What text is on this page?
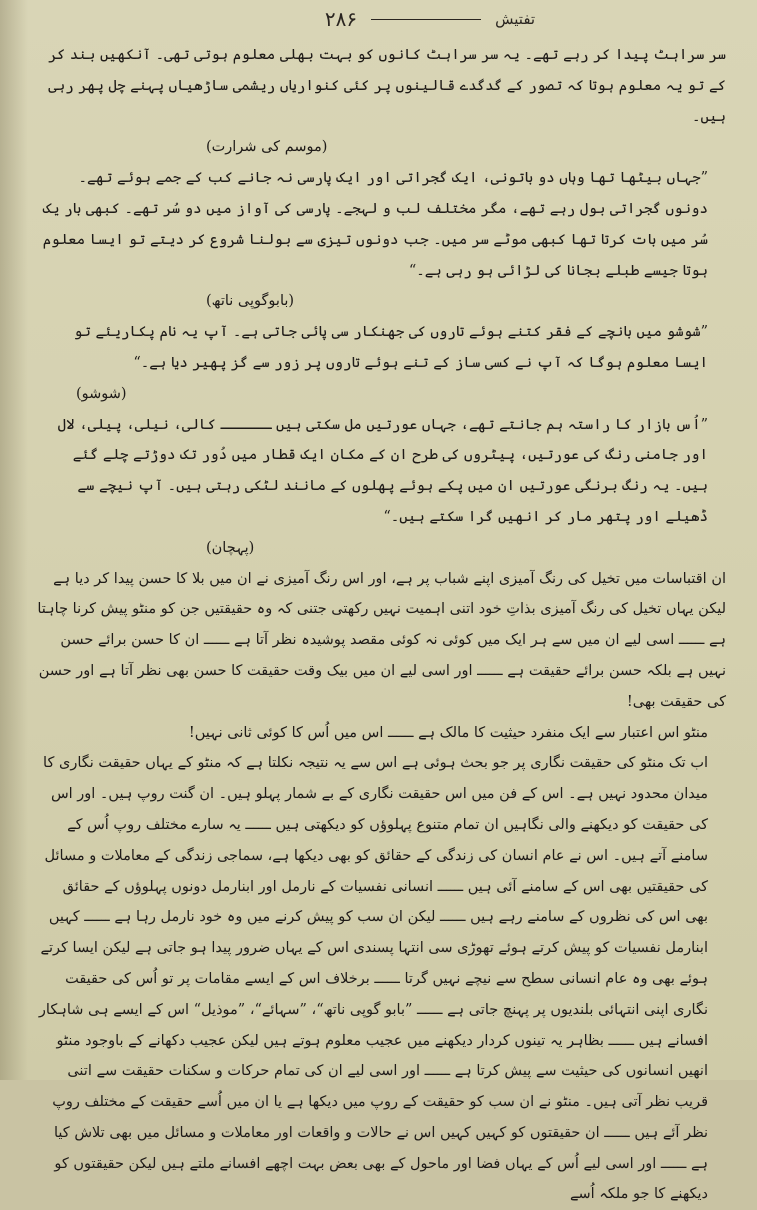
تفتیش
۲۸۶

سر سراہٹ پیدا کر رہے تھے۔ یہ سر سراہٹ کانوں کو بہت بھلی معلوم ہوتی تھی۔ آنکھیں بند کر کے تو یہ معلوم ہوتا کہ تصور کے گدگدے قالینوں پر کئی کنواریاں ریشمی ساڑھیاں پہنے چل پھر رہی ہیں۔

(موسم کی شرارت)

”جہاں بیٹھا تھا وہاں دو باتونی، ایک گجراتی اور ایک پارسی نہ جانے کب کے جمے ہوئے تھے۔ دونوں گجراتی بول رہے تھے، مگر مختلف لب و لہجے۔ پارسی کی آواز میں دو سُر تھے۔ کبھی بار یک سُر میں بات کرتا تھا کبھی موٹے سر میں۔ جب دونوں تیزی سے بولنا شروع کر دیتے تو ایسا معلوم ہوتا جیسے طبلے بجانا کی لڑائی ہو رہی ہے۔“

(بابوگوپی ناتھ)

”شوشو میں بانچے کے فقر کتنے ہوئے تاروں کی جھنکار سی پائی جاتی ہے۔ آپ یہ نام پکاریئے تو ایسا معلوم ہوگا کہ آپ نے کسی ساز کے تنے ہوئے تاروں پر زور سے گز پھیر دیا ہے۔“

(شوشو)

”اُس بازار کا راستہ ہم جانتے تھے، جہاں عورتیں مل سکتی ہیں ــــــ کالی، نیلی، پیلی، لال اور جامنی رنگ کی عورتیں، پیٹروں کی طرح ان کے مکان ایک قطار میں دُور تک دوڑتے چلے گئے ہیں۔ یہ رنگ برنگی عورتیں ان میں پکے ہوئے پھلوں کے مانند لٹکی رہتی ہیں۔ آپ نیچے سے ڈھیلے اور پتھر مار کر انھیں گرا سکتے ہیں۔“

(پہچان)

ان اقتباسات میں تخیل کی رنگ آمیزی اپنے شباب پر ہے، اور اس رنگ آمیزی نے ان میں بلا کا حسن پیدا کر دیا ہے لیکن یہاں تخیل کی رنگ آمیزی بذاتِ خود اتنی اہمیت نہیں رکھتی جتنی کہ وہ حقیقتیں جن کو منٹو پیش کرنا چاہتا ہے ــــــ اسی لیے ان میں سے ہر ایک میں کوئی نہ کوئی مقصد پوشیدہ نظر آتا ہے ــــــ ان کا حسن برائے حسن نہیں ہے بلکہ حسن برائے حقیقت ہے ــــــ اور اسی لیے ان میں بیک وقت حقیقت کا حسن بھی نظر آتا ہے اور حسن کی حقیقت بھی!

منٹو اس اعتبار سے ایک منفرد حیثیت کا مالک ہے ــــــ اس میں اُس کا کوئی ثانی نہیں!

اب تک منٹو کی حقیقت نگاری پر جو بحث ہوئی ہے اس سے یہ نتیجہ نکلتا ہے کہ منٹو کے یہاں حقیقت نگاری کا میدان محدود نہیں ہے۔ اس کے فن میں اس حقیقت نگاری کے بے شمار پہلو ہیں۔ ان گنت روپ ہیں۔ اور اس کی حقیقت کو دیکھنے والی نگاہیں ان تمام متنوع پہلوؤں کو دیکھتی ہیں ــــــ یہ سارے مختلف روپ اُس کے سامنے آتے ہیں۔ اس نے عام انسان کی زندگی کے حقائق کو بھی دیکھا ہے، سماجی زندگی کے معاملات و مسائل کی حقیقتیں بھی اس کے سامنے آئی ہیں ــــــ انسانی نفسیات کے نارمل اور ابنارمل دونوں پہلوؤں کے حقائق بھی اس کی نظروں کے سامنے رہے ہیں ــــــ لیکن ان سب کو پیش کرنے میں وہ خود نارمل رہا ہے ــــــ کہیں ابنارمل نفسیات کو پیش کرتے ہوئے تھوڑی سی انتہا پسندی اس کے یہاں ضرور پیدا ہو جاتی ہے لیکن ایسا کرتے ہوئے بھی وہ عام انسانی سطح سے نیچے نہیں گرتا ــــــ برخلاف اس کے ایسے مقامات پر تو اُس کی حقیقت نگاری اپنی انتہائی بلندیوں پر پہنچ جاتی ہے ــــــ ”بابو گوپی ناتھ“، ”سہائے“، ”موذیل“ اس کے ایسے ہی شاہکار افسانے ہیں ــــــ بظاہر یہ تینوں کردار دیکھنے میں عجیب معلوم ہوتے ہیں لیکن عجیب دکھانے کے باوجود منٹو انھیں انسانوں کی حیثیت سے پیش کرتا ہے ــــــ اور اسی لیے ان کی تمام حرکات و سکنات حقیقت سے اتنی قریب نظر آتی ہیں۔ منٹو نے ان سب کو حقیقت کے روپ میں دیکھا ہے یا ان میں اُسے حقیقت کے مختلف روپ نظر آئے ہیں ــــــ ان حقیقتوں کو کہیں کہیں اس نے حالات و واقعات اور معاملات و مسائل میں بھی تلاش کیا ہے ــــــ اور اسی لیے اُس کے یہاں فضا اور ماحول کے بھی بعض بہت اچھے افسانے ملتے ہیں لیکن حقیقتوں کو دیکھنے کا جو ملکہ اُسے
